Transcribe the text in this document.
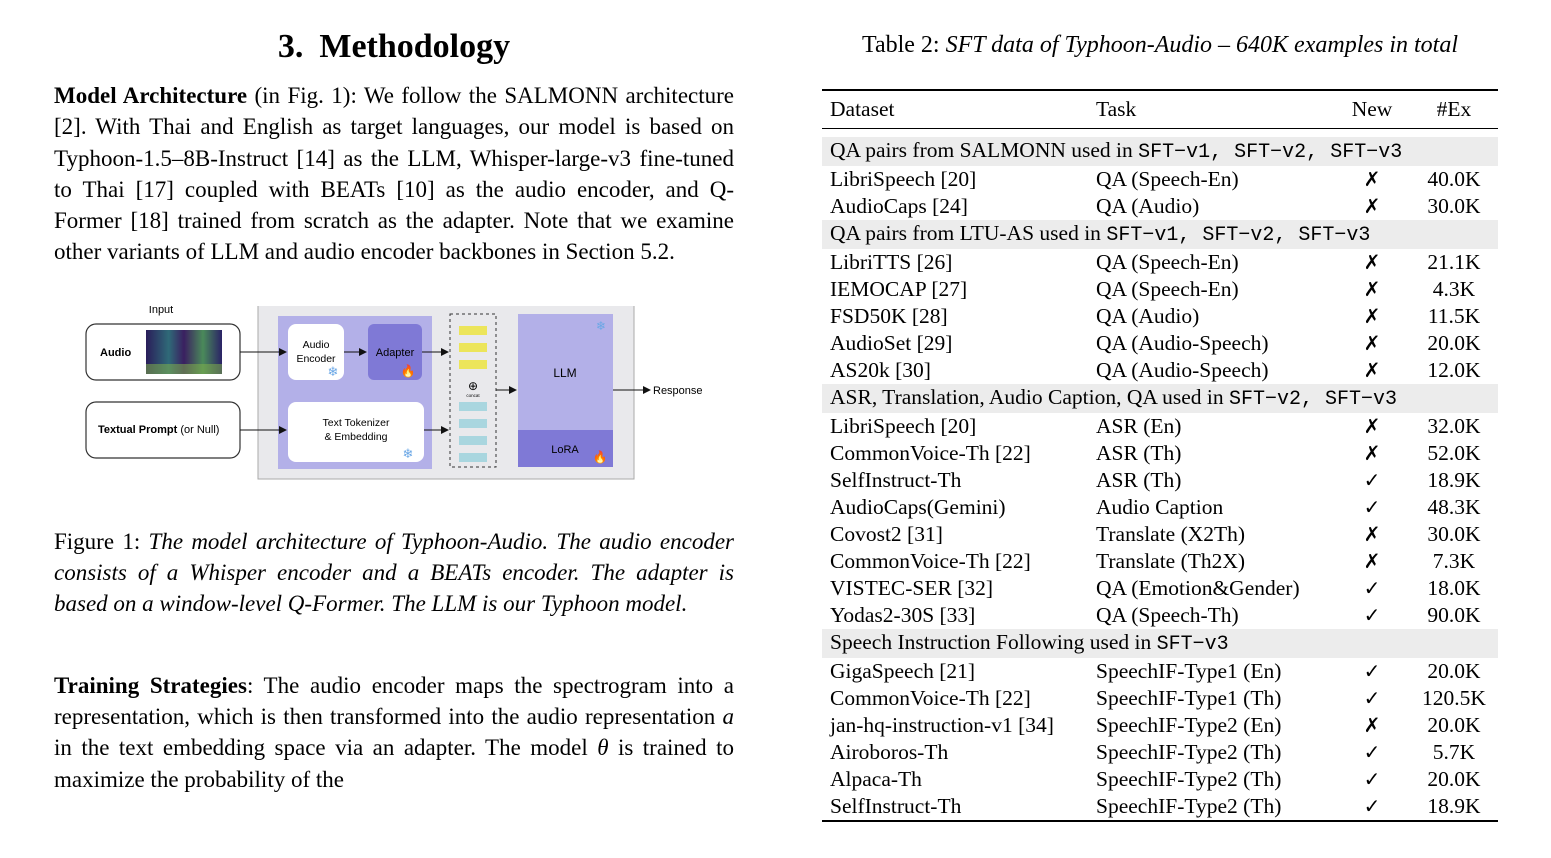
3. Methodology

Model Architecture (in Fig. 1): We follow the SALMONN architecture [2]. With Thai and English as target languages, our model is based on Typhoon-1.5–8B-Instruct [14] as the LLM, Whisper-large-v3 fine-tuned to Thai [17] coupled with BEATs [10] as the audio encoder, and Q-Former [18] trained from scratch as the adapter. Note that we examine other variants of LLM and audio encoder backbones in Section 5.2.

Input
Audio
Textual Prompt (or Null)
Audio
Encoder
❄
Adapter
🔥
Text Tokenizer
& Embedding
❄
⊕
concat
LLM
LoRA
❄
🔥
Response

Figure 1: The model architecture of Typhoon-Audio. The audio encoder consists of a Whisper encoder and a BEATs encoder. The adapter is based on a window-level Q-Former. The LLM is our Typhoon model.

Training Strategies: The audio encoder maps the spectrogram into a representation, which is then transformed into the audio representation a in the text embedding space via an adapter. The model θ is trained to maximize the probability of the

Table 2: SFT data of Typhoon-Audio – 640K examples in total

Dataset	Task	New	#Ex

QA pairs from SALMONN used in SFT−v1, SFT−v2, SFT−v3			
LibriSpeech [20]	QA (Speech-En)	✗	40.0K
AudioCaps [24]	QA (Audio)	✗	30.0K
QA pairs from LTU-AS used in SFT−v1, SFT−v2, SFT−v3			
LibriTTS [26]	QA (Speech-En)	✗	21.1K
IEMOCAP [27]	QA (Speech-En)	✗	4.3K
FSD50K [28]	QA (Audio)	✗	11.5K
AudioSet [29]	QA (Audio-Speech)	✗	20.0K
AS20k [30]	QA (Audio-Speech)	✗	12.0K
ASR, Translation, Audio Caption, QA used in SFT−v2, SFT−v3			
LibriSpeech [20]	ASR (En)	✗	32.0K
CommonVoice-Th [22]	ASR (Th)	✗	52.0K
SelfInstruct-Th	ASR (Th)	✓	18.9K
AudioCaps(Gemini)	Audio Caption	✓	48.3K
Covost2 [31]	Translate (X2Th)	✗	30.0K
CommonVoice-Th [22]	Translate (Th2X)	✗	7.3K
VISTEC-SER [32]	QA (Emotion&Gender)	✓	18.0K
Yodas2-30S [33]	QA (Speech-Th)	✓	90.0K
Speech Instruction Following used in SFT−v3			
GigaSpeech [21]	SpeechIF-Type1 (En)	✓	20.0K
CommonVoice-Th [22]	SpeechIF-Type1 (Th)	✓	120.5K
jan-hq-instruction-v1 [34]	SpeechIF-Type2 (En)	✗	20.0K
Airoboros-Th	SpeechIF-Type2 (Th)	✓	5.7K
Alpaca-Th	SpeechIF-Type2 (Th)	✓	20.0K
SelfInstruct-Th	SpeechIF-Type2 (Th)	✓	18.9K
